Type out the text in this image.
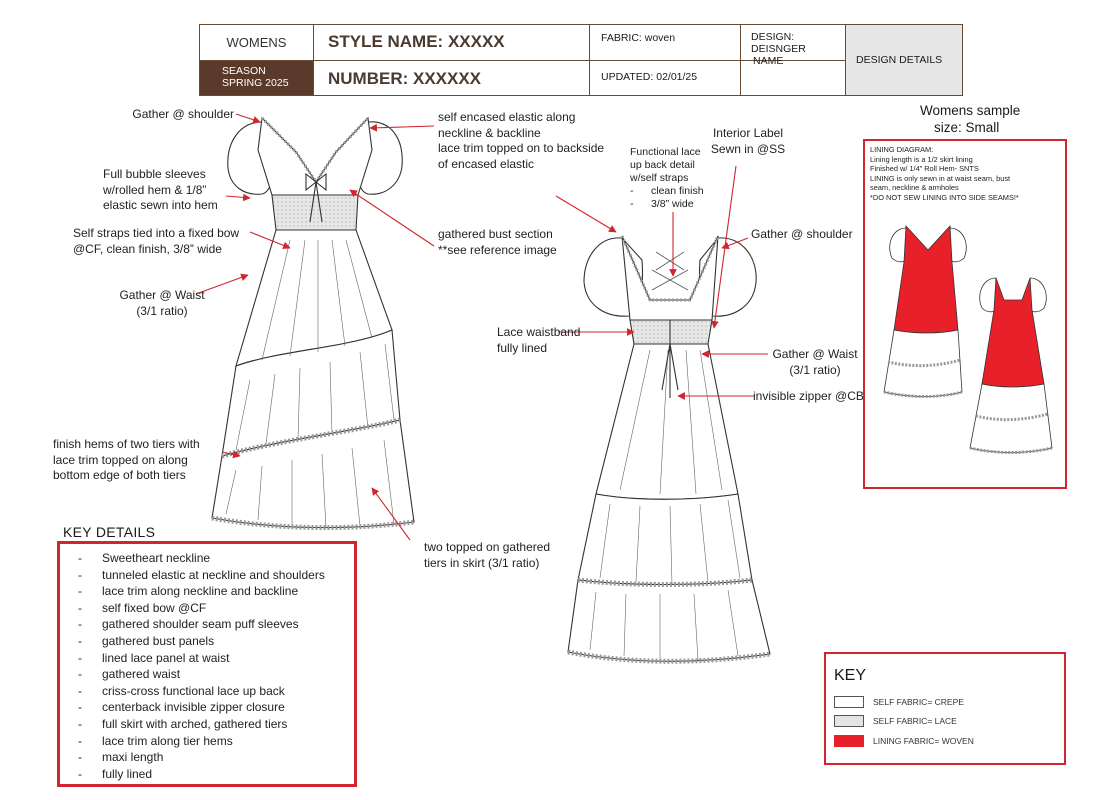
WOMENS
SEASON
SPRING 2025
STYLE NAME: XXXXX
NUMBER: XXXXXX
FABRIC: woven
UPDATED: 02/01/25
DESIGN: DEISNGER
NAME	DESIGN DETAILS
Gather @ shoulder
Full bubble sleeves
w/rolled hem & 1/8”
elastic sewn into hem
Self straps tied into a fixed bow
@CF, clean finish, 3/8” wide
Gather @ Waist
(3/1 ratio)
finish hems of two tiers with
lace trim topped on along
bottom edge of both tiers
self encased elastic along
neckline & backline
lace trim topped on to backside
of encased elastic
gathered bust section
**see reference image
two topped on gathered
tiers in skirt (3/1 ratio)
Functional lace
up back detail
w/self straps
-      clean finish
-      3/8” wide
Interior Label
Sewn in @SS
Gather @ shoulder
Lace waistband
fully lined	Gather @ Waist
(3/1 ratio)
invisible zipper @CB
KEY DETAILS
- Sweetheart neckline
- tunneled elastic at neckline and shoulders
- lace trim along neckline and backline
- self fixed bow @CF
- gathered shoulder seam puff sleeves
- gathered bust panels
- lined lace panel at waist
- gathered waist
- criss-cross functional lace up back
- centerback invisible zipper closure
- full skirt with arched, gathered tiers
- lace trim along tier hems
- maxi length
- fully lined
Womens sample
size: Small
LINING DIAGRAM:
Lining length is a 1/2 skirt lining
Finished w/ 1/4” Roll Hem- SNTS
LINING is only sewn in at waist seam, bust
seam, neckline & armholes
*DO NOT SEW LINING INTO SIDE SEAMS!*
KEY
SELF FABRIC= CREPE
SELF FABRIC= LACE
LINING FABRIC= WOVEN
